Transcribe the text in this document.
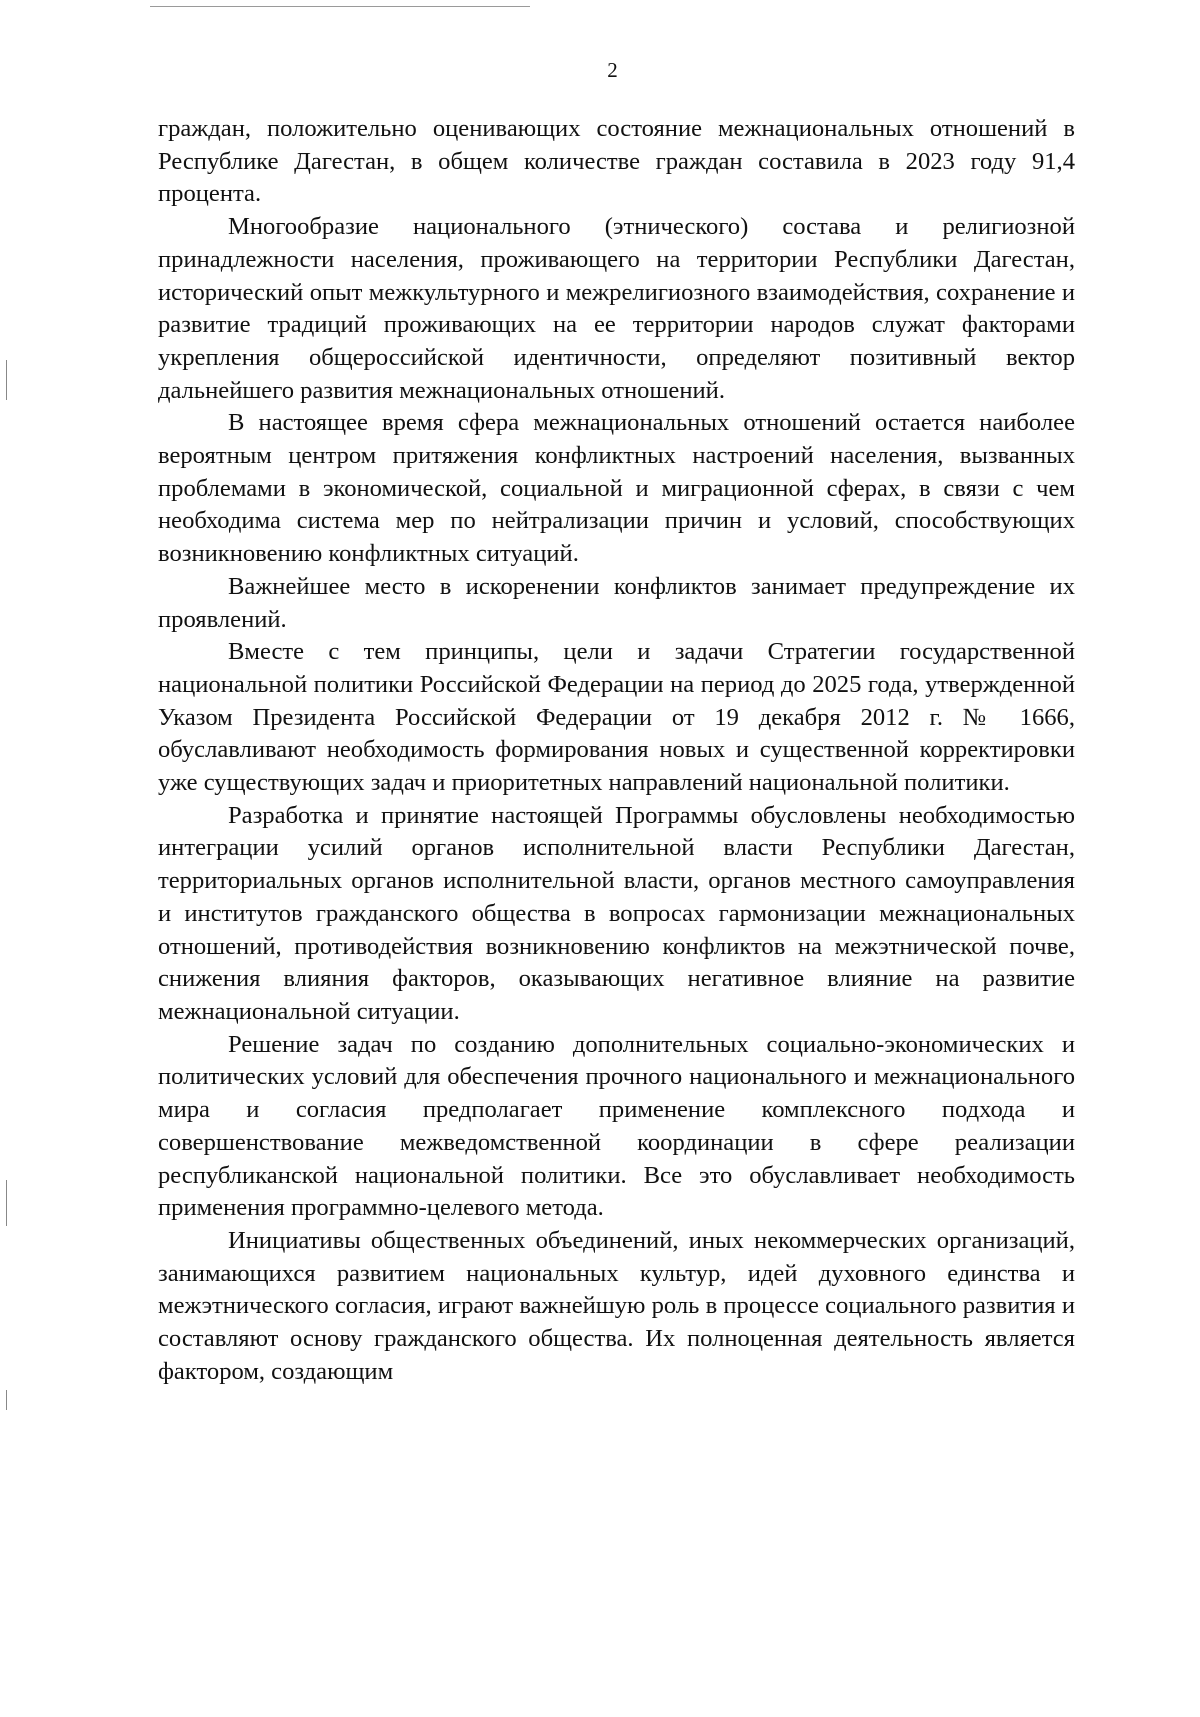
2

граждан, положительно оценивающих состояние межнациональных отношений в Республике Дагестан, в общем количестве граждан составила в 2023 году 91,4 процента.

Многообразие национального (этнического) состава и религиозной принадлежности населения, проживающего на территории Республики Дагестан, исторический опыт межкультурного и межрелигиозного взаимодействия, сохранение и развитие традиций проживающих на ее территории народов служат факторами укрепления общероссийской идентичности, определяют позитивный вектор дальнейшего развития межнациональных отношений.

В настоящее время сфера межнациональных отношений остается наиболее вероятным центром притяжения конфликтных настроений населения, вызванных проблемами в экономической, социальной и миграционной сферах, в связи с чем необходима система мер по нейтрализации причин и условий, способствующих возникновению конфликтных ситуаций.

Важнейшее место в искоренении конфликтов занимает предупреждение их проявлений.

Вместе с тем принципы, цели и задачи Стратегии государственной национальной политики Российской Федерации на период до 2025 года, утвержденной Указом Президента Российской Федерации от 19 декабря 2012 г. № 1666, обуславливают необходимость формирования новых и существенной корректировки уже существующих задач и приоритетных направлений национальной политики.

Разработка и принятие настоящей Программы обусловлены необходимостью интеграции усилий органов исполнительной власти Республики Дагестан, территориальных органов исполнительной власти, органов местного самоуправления и институтов гражданского общества в вопросах гармонизации межнациональных отношений, противодействия возникновению конфликтов на межэтнической почве, снижения влияния факторов, оказывающих негативное влияние на развитие межнациональной ситуации.

Решение задач по созданию дополнительных социально-экономических и политических условий для обеспечения прочного национального и межнационального мира и согласия предполагает применение комплексного подхода и совершенствование межведомственной координации в сфере реализации республиканской национальной политики. Все это обуславливает необходимость применения программно-целевого метода.

Инициативы общественных объединений, иных некоммерческих организаций, занимающихся развитием национальных культур, идей духовного единства и межэтнического согласия, играют важнейшую роль в процессе социального развития и составляют основу гражданского общества. Их полноценная деятельность является фактором, создающим
